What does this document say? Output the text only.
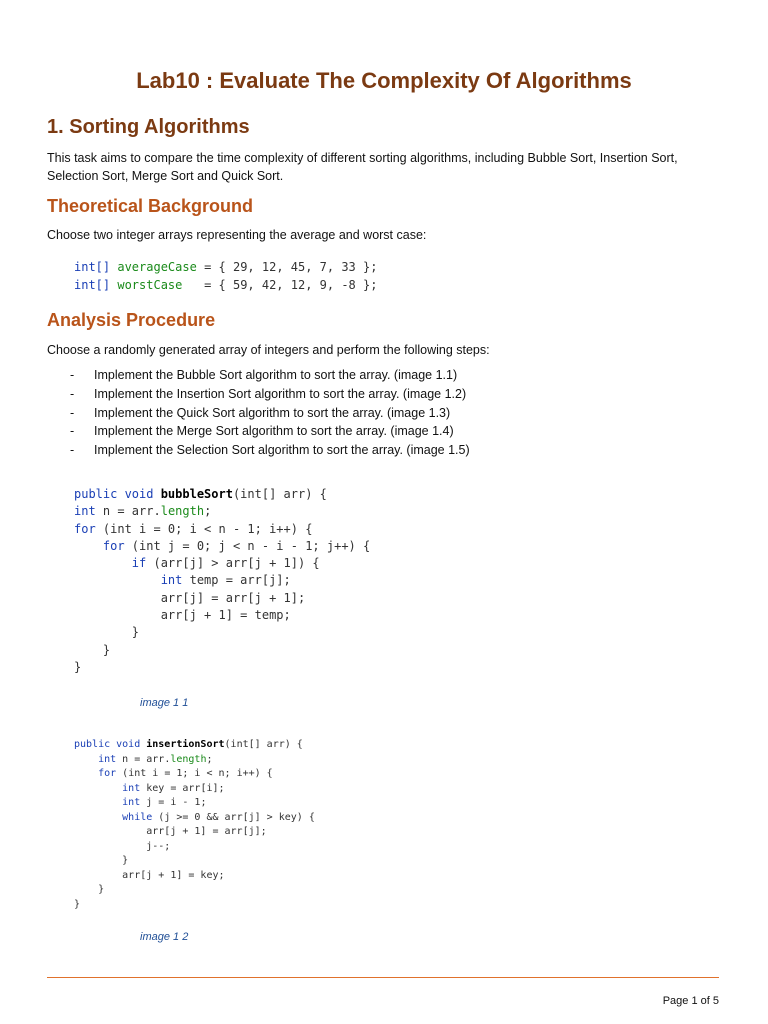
Lab10 : Evaluate The Complexity Of Algorithms
1. Sorting Algorithms

This task aims to compare the time complexity of different sorting algorithms, including Bubble Sort, Insertion Sort, Selection Sort, Merge Sort and Quick Sort.

Theoretical Background

Choose two integer arrays representing the average and worst case:

int[] averageCase = { 29, 12, 45, 7, 33 };
int[] worstCase   = { 59, 42, 12, 9, -8 };
Analysis Procedure

Choose a randomly generated array of integers and perform the following steps:

- Implement the Bubble Sort algorithm to sort the array. (image 1.1)
- Implement the Insertion Sort algorithm to sort the array. (image 1.2)
- Implement the Quick Sort algorithm to sort the array. (image 1.3)
- Implement the Merge Sort algorithm to sort the array. (image 1.4)
- Implement the Selection Sort algorithm to sort the array. (image 1.5)
public void bubbleSort(int[] arr) {
int n = arr.length;
for (int i = 0; i < n - 1; i++) {
for (int j = 0; j < n - i - 1; j++) {
if (arr[j] > arr[j + 1]) {
int temp = arr[j];
arr[j] = arr[j + 1];
arr[j + 1] = temp;
}
}
}

image 1 1

public void insertionSort(int[] arr) {
int n = arr.length;
for (int i = 1; i < n; i++) {
int key = arr[i];
int j = i - 1;
while (j >= 0 && arr[j] > key) {
arr[j + 1] = arr[j];
j--;
}
arr[j + 1] = key;
}
}

image 1 2

Page 1 of 5
